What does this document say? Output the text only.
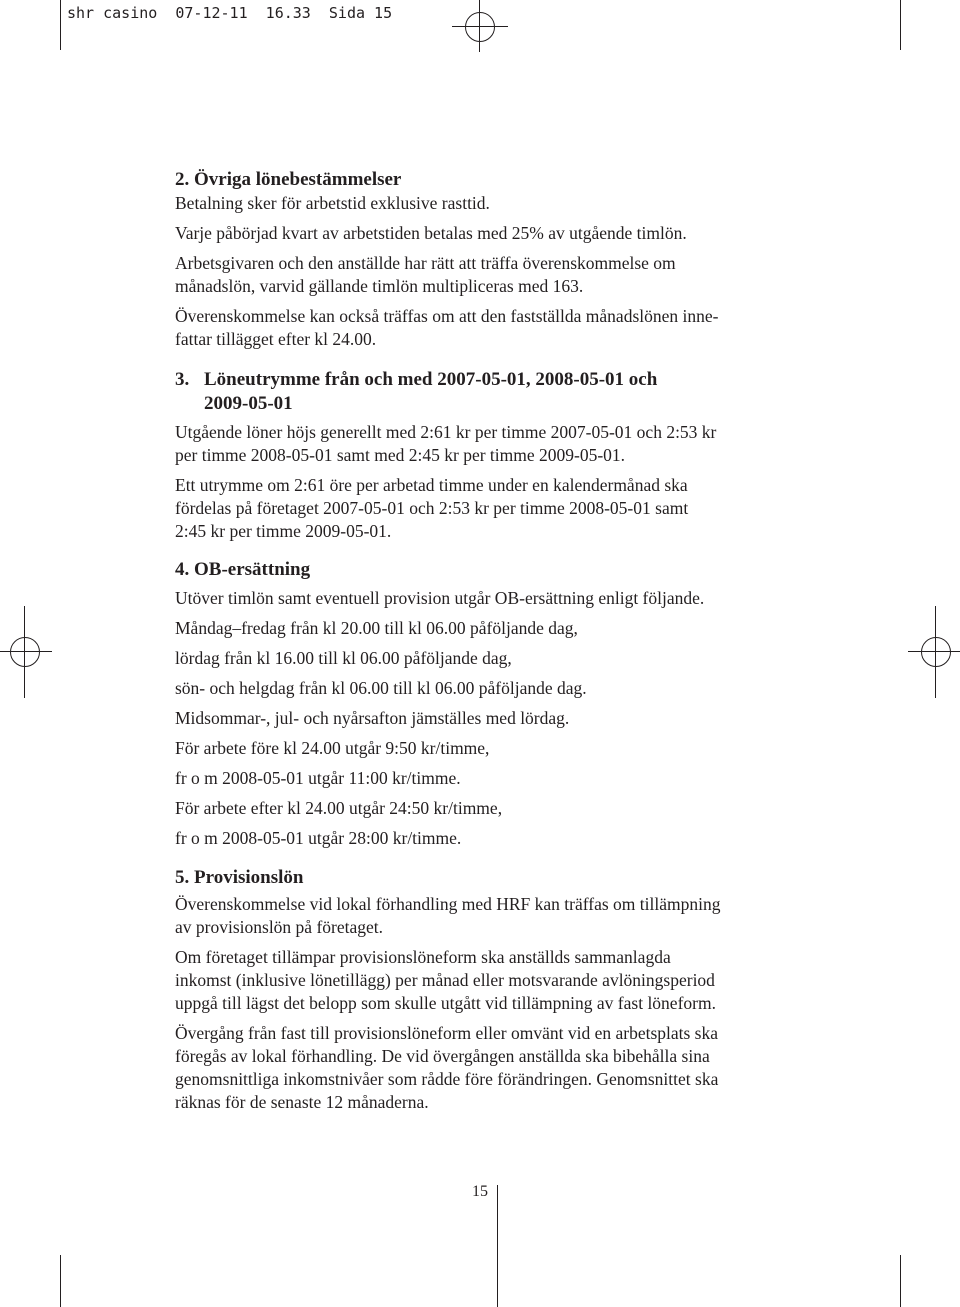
shr casino  07-12-11  16.33  Sida 15

2. Övriga lönebestämmelser

Betalning sker för arbetstid exklusive rasttid.

Varje påbörjad kvart av arbetstiden betalas med 25% av utgående timlön.

Arbetsgivaren och den anställde har rätt att träffa överenskommelse om

månadslön, varvid gällande timlön multipliceras med 163.

Överenskommelse kan också träffas om att den fastställda månadslönen inne-

fattar tillägget efter kl 24.00.

3. Löneutrymme från och med 2007-05-01, 2008-05-01 och
2009-05-01

Utgående löner höjs generellt med 2:61 kr per timme 2007-05-01 och 2:53 kr

per timme 2008-05-01 samt med 2:45 kr per timme 2009-05-01.

Ett utrymme om 2:61 öre per arbetad timme under en kalendermånad ska

fördelas på företaget 2007-05-01 och 2:53 kr per timme 2008-05-01 samt

2:45 kr per timme 2009-05-01.

4. OB-ersättning

Utöver timlön samt eventuell provision utgår OB-ersättning enligt följande.

Måndag–fredag från kl 20.00 till kl 06.00 påföljande dag,

lördag från kl 16.00 till kl 06.00 påföljande dag,

sön- och helgdag från kl 06.00 till kl 06.00 påföljande dag.

Midsommar-, jul- och nyårsafton jämställes med lördag.

För arbete före kl 24.00 utgår 9:50 kr/timme,

fr o m 2008-05-01 utgår 11:00 kr/timme.

För arbete efter kl 24.00 utgår 24:50 kr/timme,

fr o m 2008-05-01 utgår 28:00 kr/timme.

5. Provisionslön

Överenskommelse vid lokal förhandling med HRF kan träffas om tillämpning

av provisionslön på företaget.

Om företaget tillämpar provisionslöneform ska anställds sammanlagda

inkomst (inklusive lönetillägg) per månad eller motsvarande avlöningsperiod

uppgå till lägst det belopp som skulle utgått vid tillämpning av fast löneform.

Övergång från fast till provisionslöneform eller omvänt vid en arbetsplats ska

föregås av lokal förhandling. De vid övergången anställda ska bibehålla sina

genomsnittliga inkomstnivåer som rådde före förändringen. Genomsnittet ska

räknas för de senaste 12 månaderna.

15
